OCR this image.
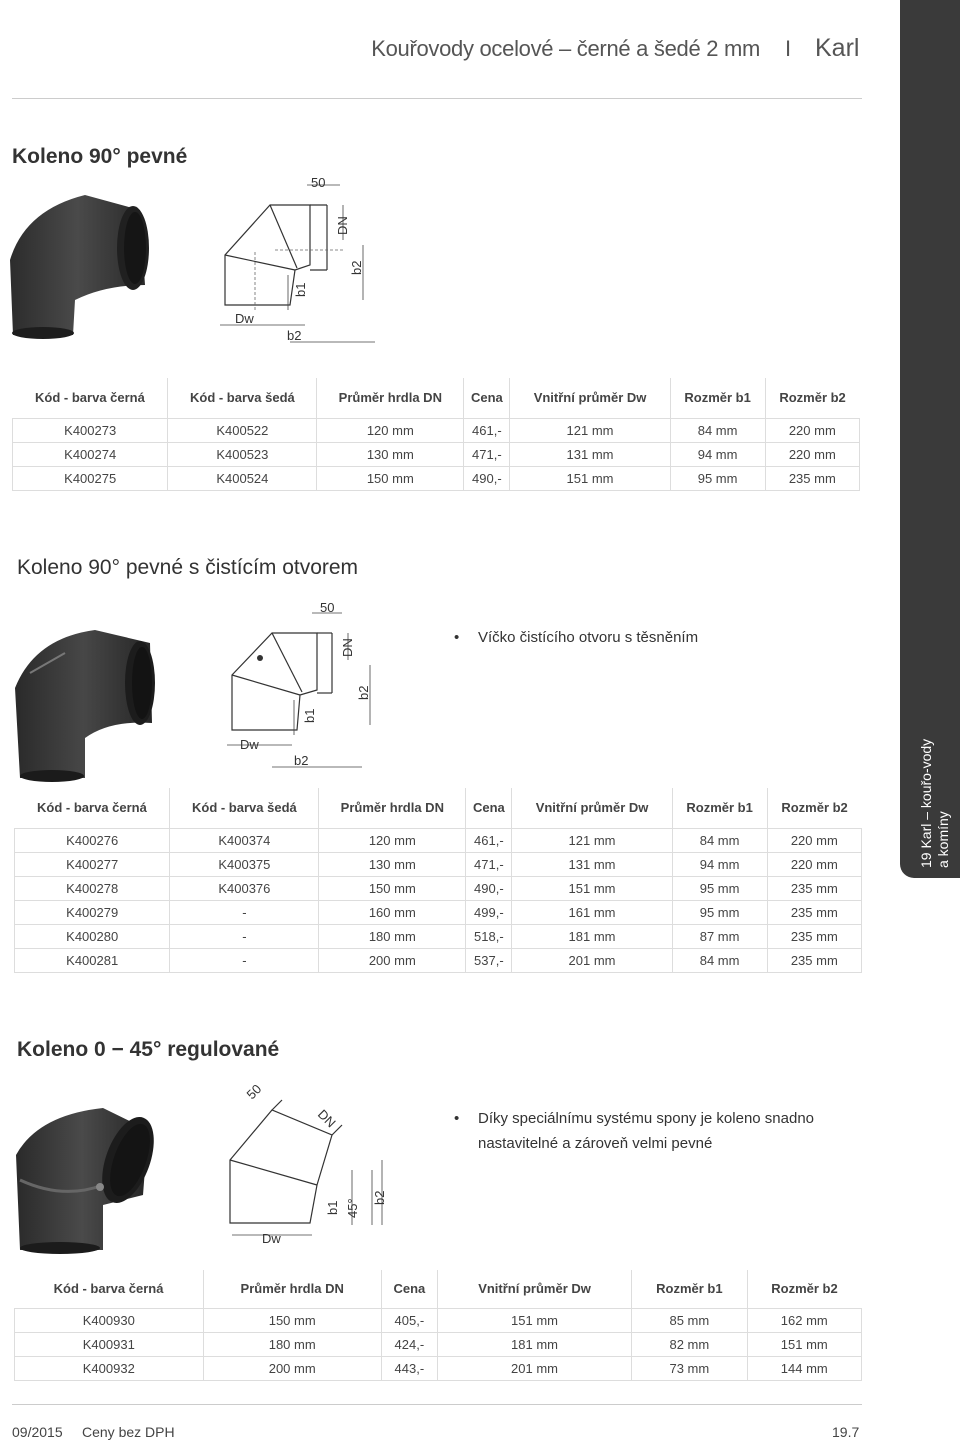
Kouřovody ocelové – černé a šedé 2 mm I Karl
19 Karl – kouřo-vody a komíny
Koleno 90° pevné
50
DN
b2
b1
Dw
b2
Kód - barva černá	Kód - barva šedá	Průměr hrdla DN	Cena	Vnitřní průměr Dw	Rozměr b1	Rozměr b2
K400273	K400522	120 mm	461,-	121 mm	84 mm	220 mm
K400274	K400523	130 mm	471,-	131 mm	94 mm	220 mm
K400275	K400524	150 mm	490,-	151 mm	95 mm	235 mm
Koleno 90° pevné s čistícím otvorem
50
DN
b2
b1
Dw
b2
• Víčko čistícího otvoru s těsněním
Kód - barva černá	Kód - barva šedá	Průměr hrdla DN	Cena	Vnitřní průměr Dw	Rozměr b1	Rozměr b2
K400276	K400374	120 mm	461,-	121 mm	84 mm	220 mm
K400277	K400375	130 mm	471,-	131 mm	94 mm	220 mm
K400278	K400376	150 mm	490,-	151 mm	95 mm	235 mm
K400279	-	160 mm	499,-	161 mm	95 mm	235 mm
K400280	-	180 mm	518,-	181 mm	87 mm	235 mm
K400281	-	200 mm	537,-	201 mm	84 mm	235 mm
Koleno 0 − 45° regulované
50
DN
b1 45°
b2
Dw
• Díky speciálnímu systému spony je koleno snadno nastavitelné a zároveň velmi pevné
Kód - barva černá	Průměr hrdla DN	Cena	Vnitřní průměr Dw	Rozměr b1	Rozměr b2
K400930	150 mm	405,-	151 mm	85 mm	162 mm
K400931	180 mm	424,-	181 mm	82 mm	151 mm
K400932	200 mm	443,-	201 mm	73 mm	144 mm
09/2015 Ceny bez DPH	19.7
